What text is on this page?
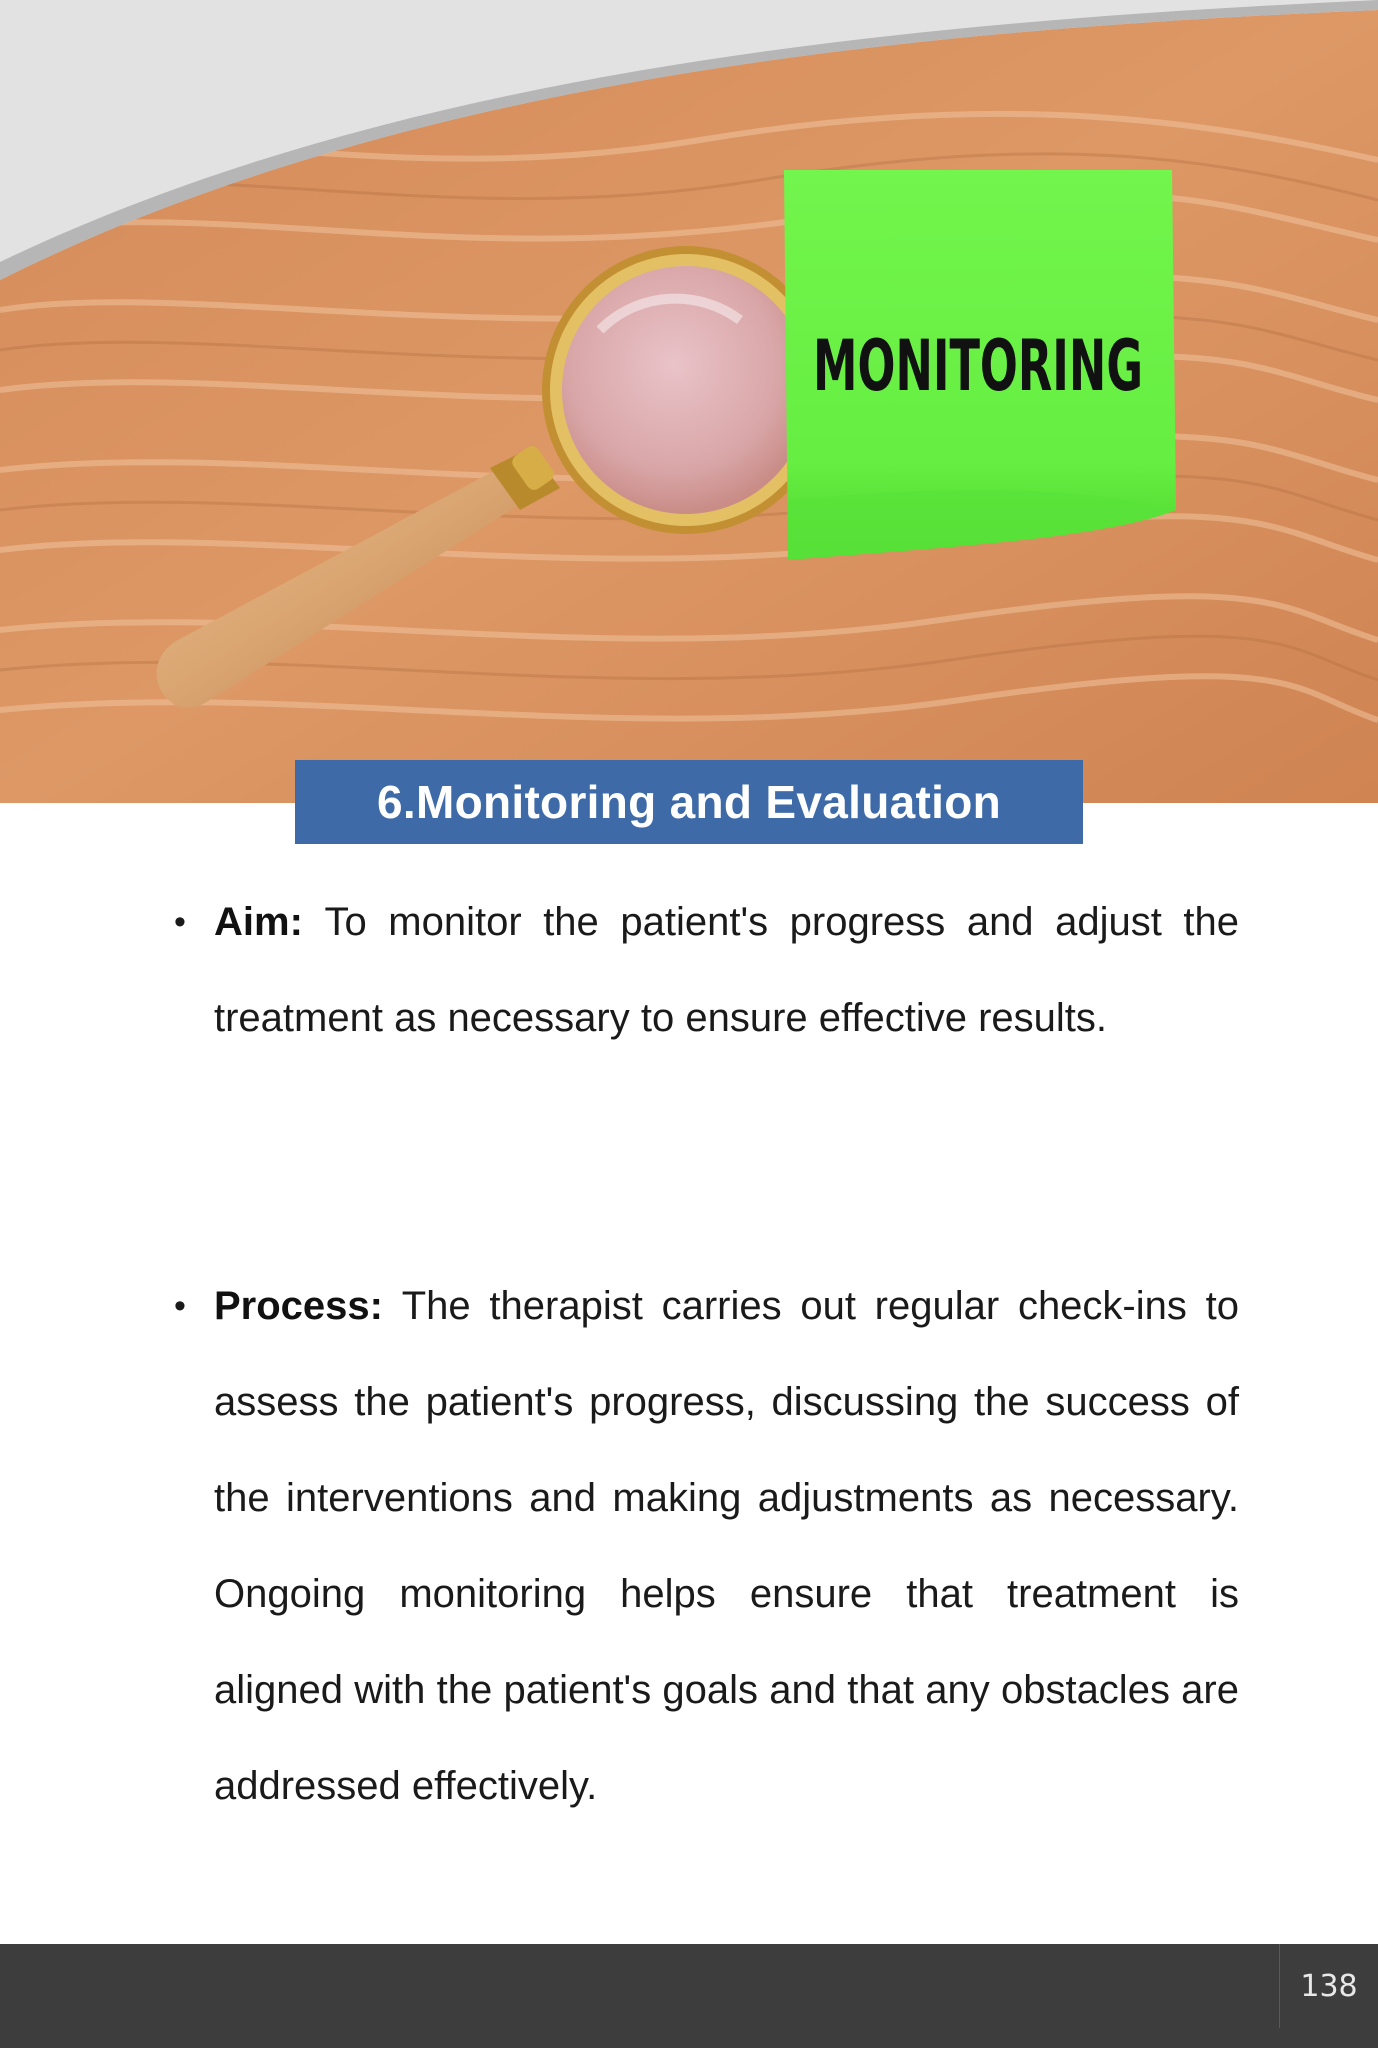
MONITORING
6.Monitoring and Evaluation
• Aim: To monitor the patient's progress and adjust the treatment as necessary to ensure effective results.
• Process: The therapist carries out regular check-ins to assess the patient's progress, discussing the success of the interventions and making adjustments as necessary. Ongoing monitoring helps ensure that treatment is aligned with the patient's goals and that any obstacles are addressed effectively.
138
